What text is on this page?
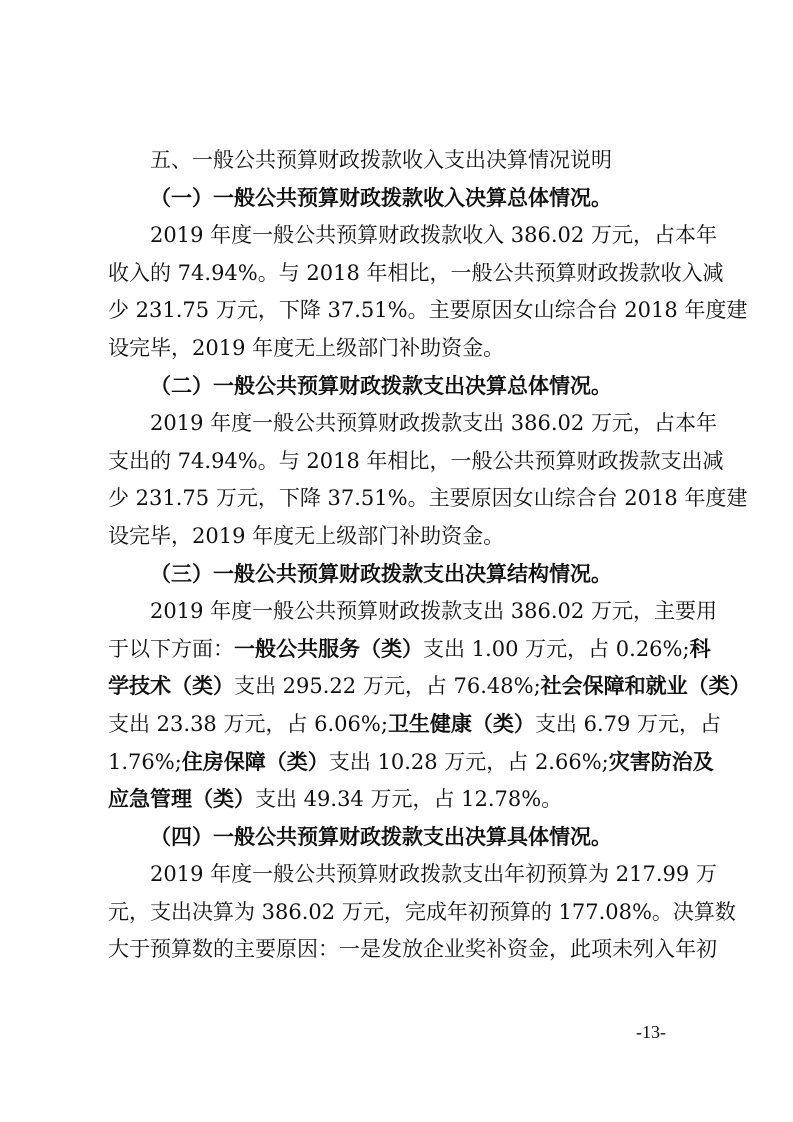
五、一般公共预算财政拨款收入支出决算情况说明
（一）一般公共预算财政拨款收入决算总体情况。
2019 年度一般公共预算财政拨款收入 386.02 万元，占本年
收入的 74.94%。与 2018 年相比，一般公共预算财政拨款收入减
少 231.75 万元，下降 37.51%。主要原因女山综合台 2018 年度建
设完毕，2019 年度无上级部门补助资金。
（二）一般公共预算财政拨款支出决算总体情况。
2019 年度一般公共预算财政拨款支出 386.02 万元，占本年
支出的 74.94%。与 2018 年相比，一般公共预算财政拨款支出减
少 231.75 万元，下降 37.51%。主要原因女山综合台 2018 年度建
设完毕，2019 年度无上级部门补助资金。
（三）一般公共预算财政拨款支出决算结构情况。
2019 年度一般公共预算财政拨款支出 386.02 万元，主要用
于以下方面：一般公共服务（类）支出 1.00 万元，占 0.26%;科
学技术（类）支出 295.22 万元，占 76.48%;社会保障和就业（类）
支出 23.38 万元，占 6.06%;卫生健康（类）支出 6.79 万元，占
1.76%;住房保障（类）支出 10.28 万元，占 2.66%;灾害防治及
应急管理（类）支出 49.34 万元，占 12.78%。
（四）一般公共预算财政拨款支出决算具体情况。
2019 年度一般公共预算财政拨款支出年初预算为 217.99 万
元，支出决算为 386.02 万元，完成年初预算的 177.08%。决算数
大于预算数的主要原因：一是发放企业奖补资金，此项未列入年初
-13-
